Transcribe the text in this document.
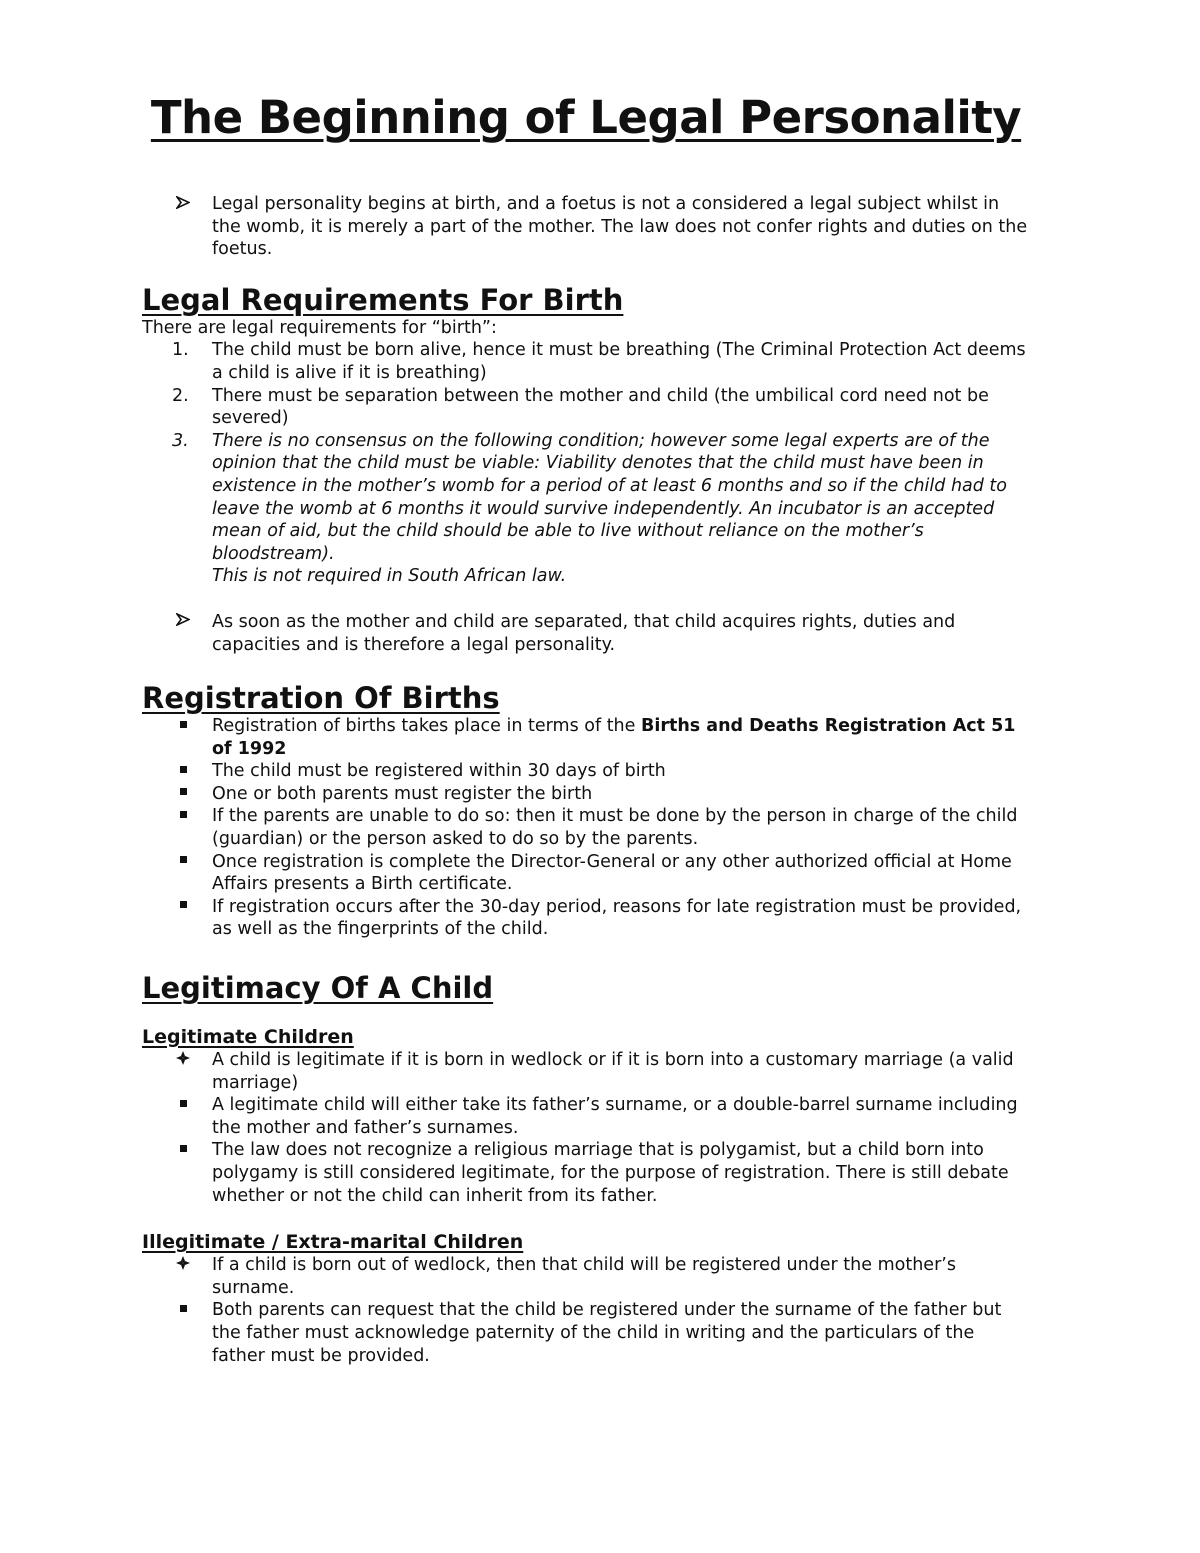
The Beginning of Legal Personality
Legal personality begins at birth, and a foetus is not a considered a legal subject whilst in the womb, it is merely a part of the mother. The law does not confer rights and duties on the foetus.
Legal Requirements For Birth
There are legal requirements for “birth”:
1.	The child must be born alive, hence it must be breathing (The Criminal Protection Act deems a child is alive if it is breathing)
2.	There must be separation between the mother and child (the umbilical cord need not be severed)
3.	There is no consensus on the following condition; however some legal experts are of the opinion that the child must be viable: Viability denotes that the child must have been in existence in the mother’s womb for a period of at least 6 months and so if the child had to leave the womb at 6 months it would survive independently. An incubator is an accepted mean of aid, but the child should be able to live without reliance on the mother’s bloodstream).
This is not required in South African law.
As soon as the mother and child are separated, that child acquires rights, duties and capacities and is therefore a legal personality.
Registration Of Births
Registration of births takes place in terms of the Births and Deaths Registration Act 51 of 1992
The child must be registered within 30 days of birth
One or both parents must register the birth
If the parents are unable to do so: then it must be done by the person in charge of the child (guardian) or the person asked to do so by the parents.
Once registration is complete the Director-General or any other authorized official at Home Affairs presents a Birth certificate.
If registration occurs after the 30-day period, reasons for late registration must be provided, as well as the fingerprints of the child.
Legitimacy Of A Child
Legitimate Children
A child is legitimate if it is born in wedlock or if it is born into a customary marriage (a valid marriage)
A legitimate child will either take its father’s surname, or a double-barrel surname including the mother and father’s surnames.
The law does not recognize a religious marriage that is polygamist, but a child born into polygamy is still considered legitimate, for the purpose of registration. There is still debate whether or not the child can inherit from its father.
Illegitimate / Extra-marital Children
If a child is born out of wedlock, then that child will be registered under the mother’s surname.
Both parents can request that the child be registered under the surname of the father but the father must acknowledge paternity of the child in writing and the particulars of the father must be provided.
